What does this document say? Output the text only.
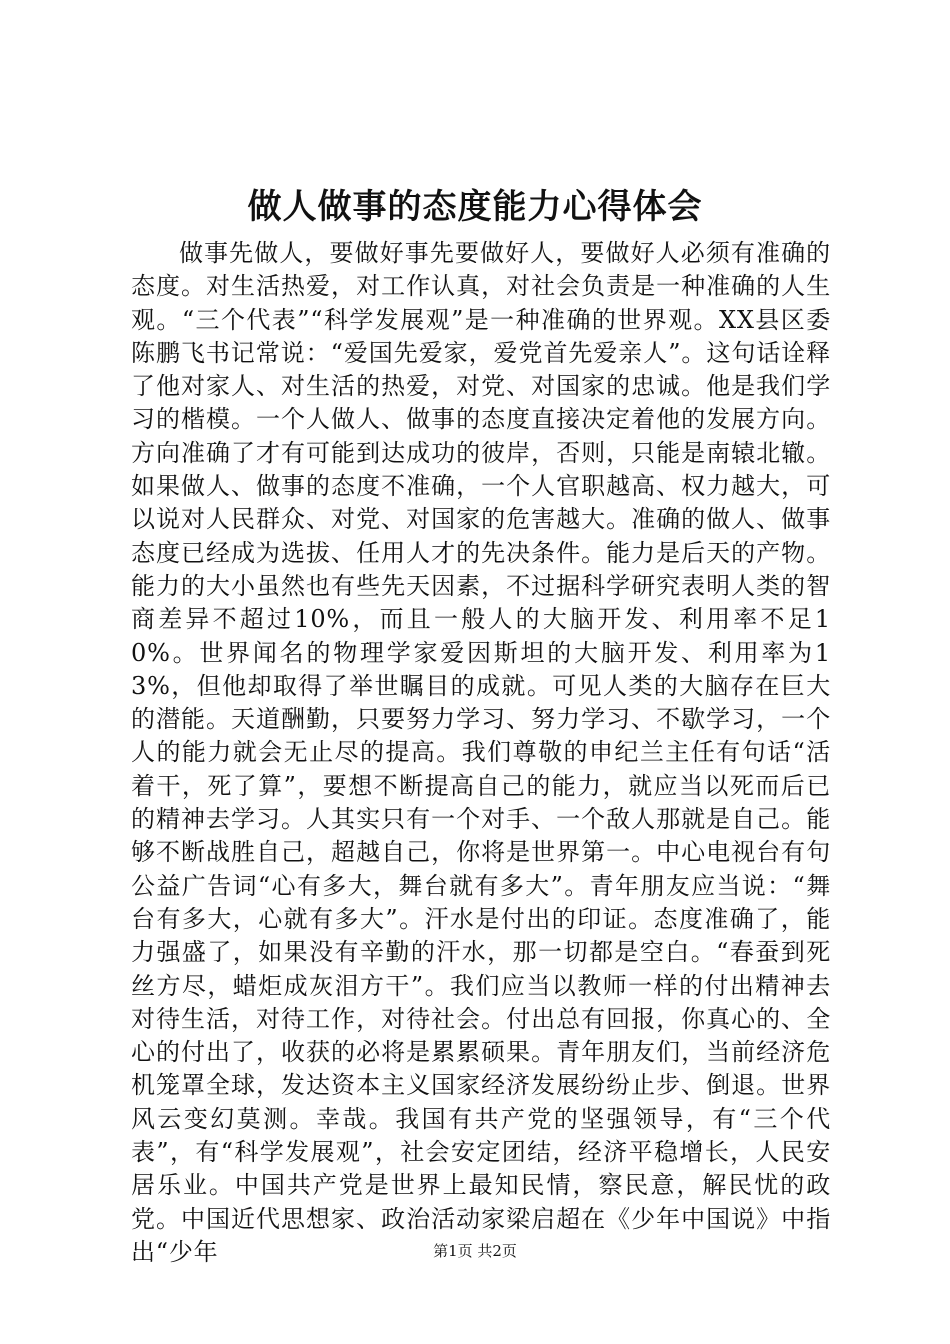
做人做事的态度能力心得体会

做事先做人，要做好事先要做好人，要做好人必须有准确的态度。对生活热爱，对工作认真，对社会负责是一种准确的人生观。“三个代表”“科学发展观”是一种准确的世界观。XX县区委陈鹏飞书记常说：“爱国先爱家，爱党首先爱亲人”。这句话诠释了他对家人、对生活的热爱，对党、对国家的忠诚。他是我们学习的楷模。一个人做人、做事的态度直接决定着他的发展方向。方向准确了才有可能到达成功的彼岸，否则，只能是南辕北辙。如果做人、做事的态度不准确，一个人官职越高、权力越大，可以说对人民群众、对党、对国家的危害越大。准确的做人、做事态度已经成为选拔、任用人才的先决条件。能力是后天的产物。能力的大小虽然也有些先天因素，不过据科学研究表明人类的智商差异不超过10%，而且一般人的大脑开发、利用率不足10%。世界闻名的物理学家爱因斯坦的大脑开发、利用率为13%，但他却取得了举世瞩目的成就。可见人类的大脑存在巨大的潜能。天道酬勤，只要努力学习、努力学习、不歇学习，一个人的能力就会无止尽的提高。我们尊敬的申纪兰主任有句话“活着干，死了算”，要想不断提高自己的能力，就应当以死而后已的精神去学习。人其实只有一个对手、一个敌人那就是自己。能够不断战胜自己，超越自己，你将是世界第一。中心电视台有句公益广告词“心有多大，舞台就有多大”。青年朋友应当说：“舞台有多大，心就有多大”。汗水是付出的印证。态度准确了，能力强盛了，如果没有辛勤的汗水，那一切都是空白。“春蚕到死丝方尽，蜡炬成灰泪方干”。我们应当以教师一样的付出精神去对待生活，对待工作，对待社会。付出总有回报，你真心的、全心的付出了，收获的必将是累累硕果。青年朋友们，当前经济危机笼罩全球，发达资本主义国家经济发展纷纷止步、倒退。世界风云变幻莫测。幸哉。我国有共产党的坚强领导，有“三个代表”，有“科学发展观”，社会安定团结，经济平稳增长，人民安居乐业。中国共产党是世界上最知民情，察民意，解民忧的政党。中国近代思想家、政治活动家梁启超在《少年中国说》中指出“少年	第1页 共2页
